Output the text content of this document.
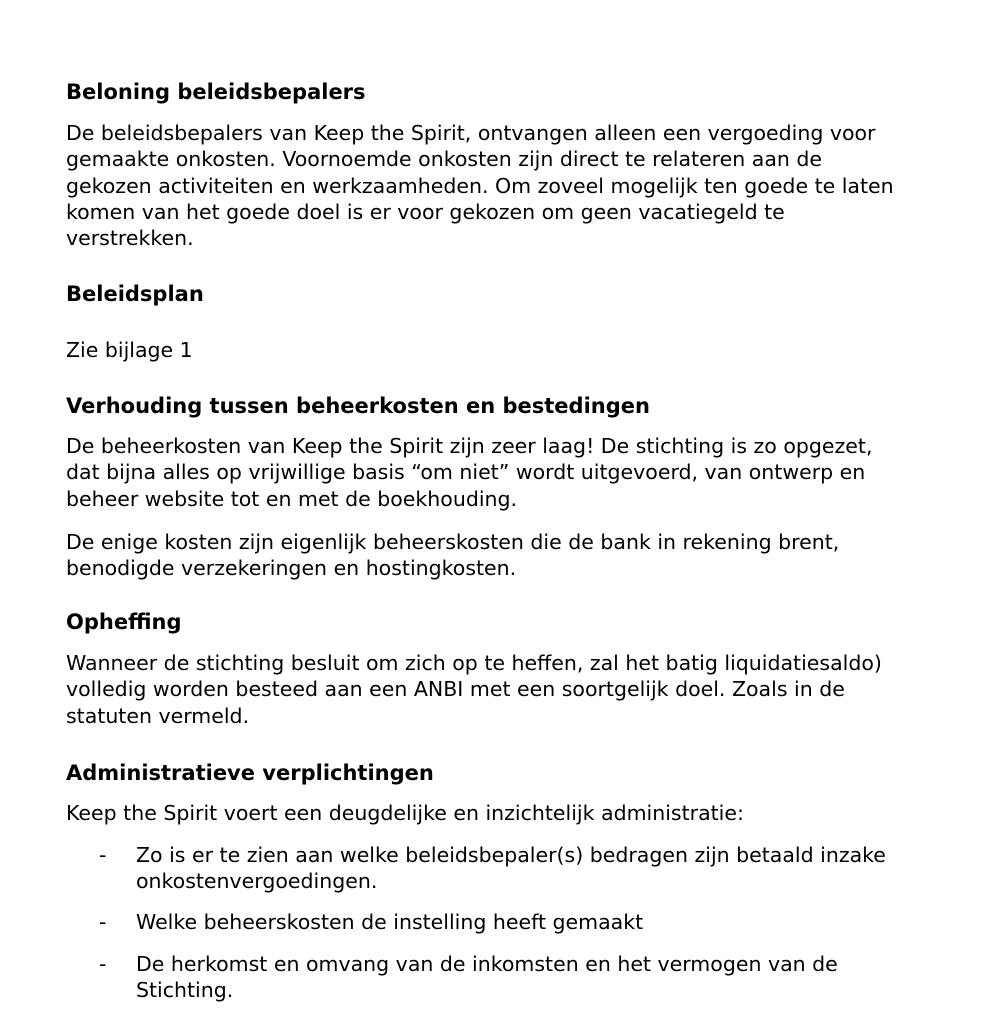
Beloning beleidsbepalers

De beleidsbepalers van Keep the Spirit, ontvangen alleen een vergoeding voor
gemaakte onkosten. Voornoemde onkosten zijn direct te relateren aan de
gekozen activiteiten en werkzaamheden. Om zoveel mogelijk ten goede te laten
komen van het goede doel is er voor gekozen om geen vacatiegeld te
verstrekken.

Beleidsplan

Zie bijlage 1

Verhouding tussen beheerkosten en bestedingen

De beheerkosten van Keep the Spirit zijn zeer laag! De stichting is zo opgezet,
dat bijna alles op vrijwillige basis “om niet” wordt uitgevoerd, van ontwerp en
beheer website tot en met de boekhouding.

De enige kosten zijn eigenlijk beheerskosten die de bank in rekening brent,
benodigde verzekeringen en hostingkosten.

Opheffing

Wanneer de stichting besluit om zich op te heffen, zal het batig liquidatiesaldo)
volledig worden besteed aan een ANBI met een soortgelijk doel. Zoals in de
statuten vermeld.

Administratieve verplichtingen

Keep the Spirit voert een deugdelijke en inzichtelijk administratie:

- Zo is er te zien aan welke beleidsbepaler(s) bedragen zijn betaald inzake
onkostenvergoedingen.
- Welke beheerskosten de instelling heeft gemaakt
- De herkomst en omvang van de inkomsten en het vermogen van de
Stichting.
